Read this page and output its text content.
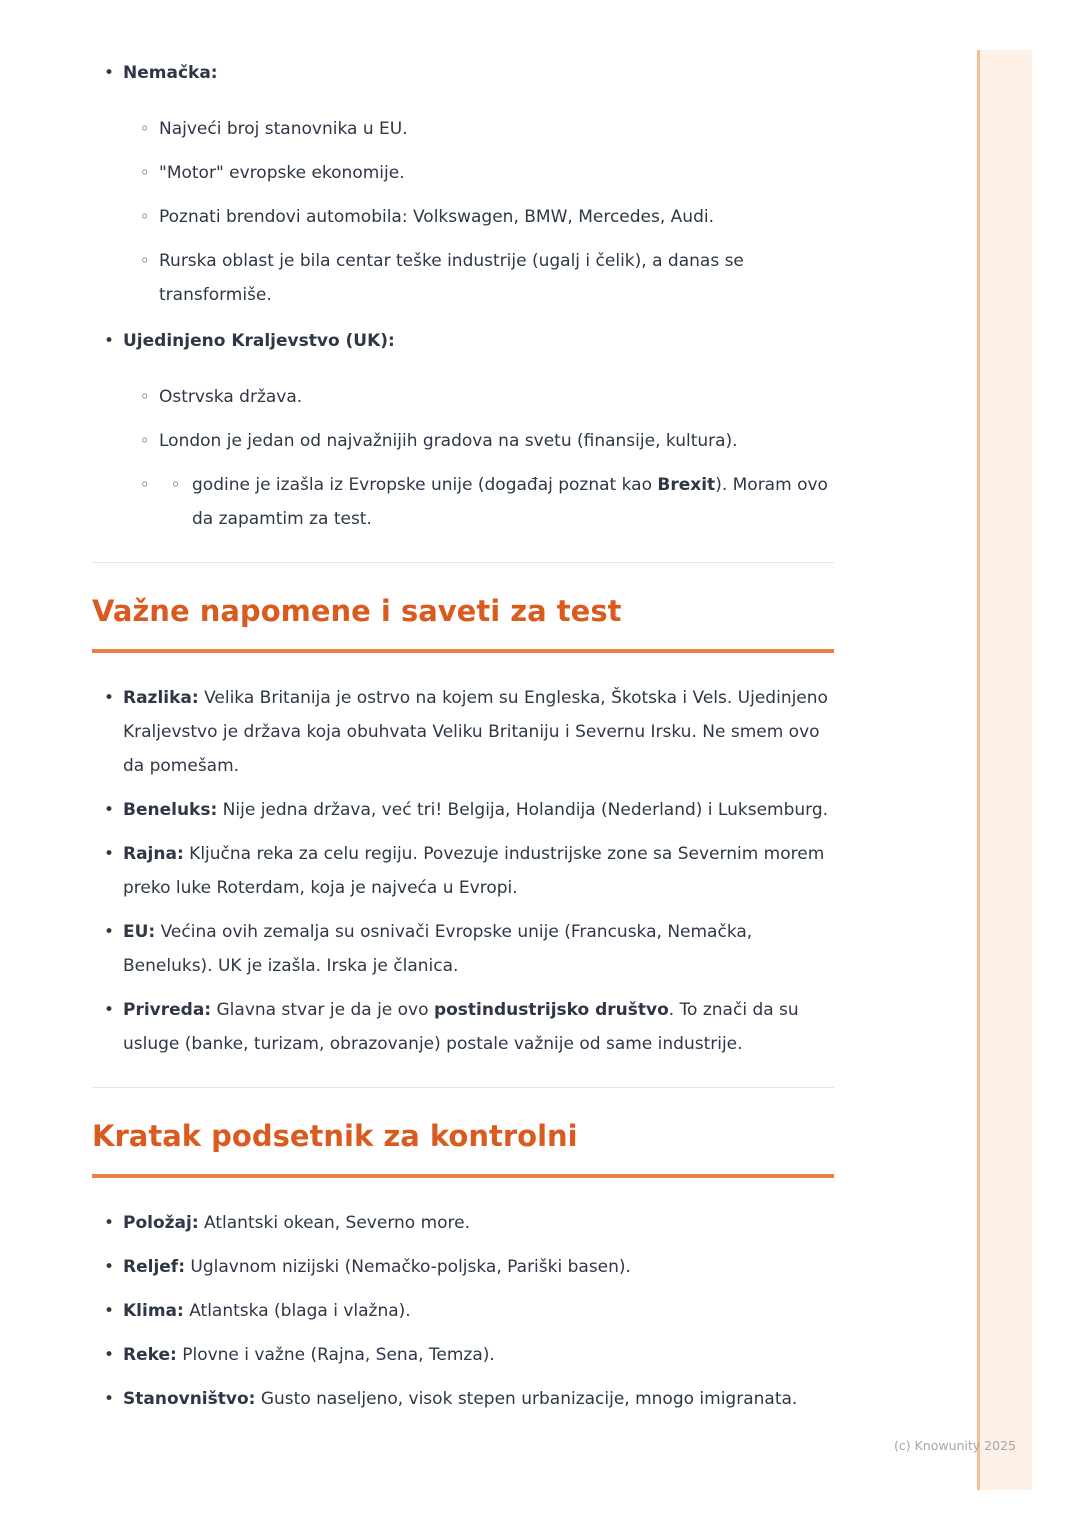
• Nemačka:
◦ Najveći broj stanovnika u EU.
◦ "Motor" evropske ekonomije.
◦ Poznati brendovi automobila: Volkswagen, BMW, Mercedes, Audi.
◦ Rurska oblast je bila centar teške industrije (ugalj i čelik), a danas se transformiše.
• Ujedinjeno Kraljevstvo (UK):
◦ Ostrvska država.
◦ London je jedan od najvažnijih gradova na svetu (finansije, kultura).
◦	◦ godine je izašla iz Evropske unije (događaj poznat kao Brexit). Moram ovo da zapamtim za test.
Važne napomene i saveti za test
• Razlika: Velika Britanija je ostrvo na kojem su Engleska, Škotska i Vels. Ujedinjeno Kraljevstvo je država koja obuhvata Veliku Britaniju i Severnu Irsku. Ne smem ovo da pomešam.
• Beneluks: Nije jedna država, već tri! Belgija, Holandija (Nederland) i Luksemburg.
• Rajna: Ključna reka za celu regiju. Povezuje industrijske zone sa Severnim morem preko luke Roterdam, koja je najveća u Evropi.
• EU: Većina ovih zemalja su osnivači Evropske unije (Francuska, Nemačka, Beneluks). UK je izašla. Irska je članica.
• Privreda: Glavna stvar je da je ovo postindustrijsko društvo. To znači da su usluge (banke, turizam, obrazovanje) postale važnije od same industrije.
Kratak podsetnik za kontrolni
• Položaj: Atlantski okean, Severno more.
• Reljef: Uglavnom nizijski (Nemačko-poljska, Pariški basen).
• Klima: Atlantska (blaga i vlažna).
• Reke: Plovne i važne (Rajna, Sena, Temza).
• Stanovništvo: Gusto naseljeno, visok stepen urbanizacije, mnogo imigranata.
(c) Knowunity 2025
